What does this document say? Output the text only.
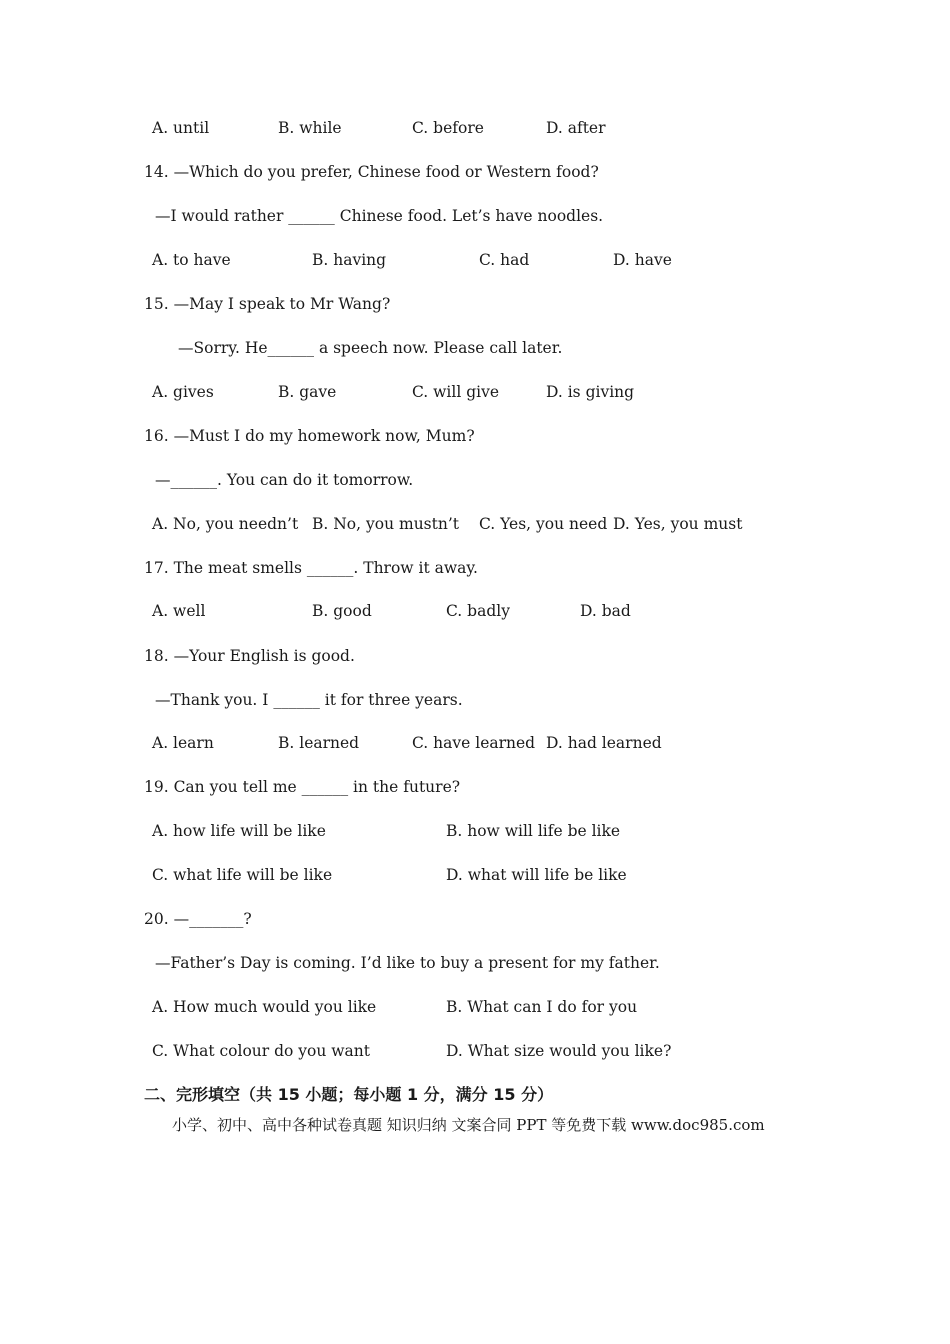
A. until	B. while	C. before	D. after
14. —Which do you prefer, Chinese food or Western food?
—I would rather ______ Chinese food. Let’s have noodles.
A. to have	B. having	C. had	D. have
15. —May I speak to Mr Wang?
—Sorry. He______ a speech now. Please call later.
A. gives	B. gave	C. will give	D. is giving
16. —Must I do my homework now, Mum?
—______. You can do it tomorrow.
A. No, you needn’t B. No, you mustn’t C. Yes, you need D. Yes, you must
17. The meat smells ______. Throw it away.
A. well	B. good	C. badly	D. bad
18. —Your English is good.
—Thank you. I ______ it for three years.
A. learn	B. learned	C. have learned D. had learned
19. Can you tell me ______ in the future?
A. how life will be like	B. how will life be like
C. what life will be like	D. what will life be like
20. —_______?
—Father’s Day is coming. I’d like to buy a present for my father.
A. How much would you like	B. What can I do for you
C. What colour do you want	D. What size would you like?
二、完形填空（共 15 小题；每小题 1 分，满分 15 分）
小学、初中、高中各种试卷真题 知识归纳 文案合同 PPT 等免费下载 www.doc985.com
